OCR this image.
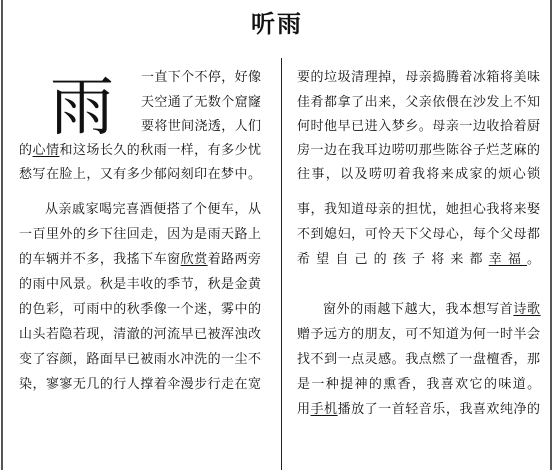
听雨
雨 一直下个不停，好像
天空通了无数个窟窿
要将世间浇透，人们
的心情和这场长久的秋雨一样，有多少忧
愁写在脸上，又有多少郁闷刻印在梦中。
从亲戚家喝完喜酒便搭了个便车，从
一百里外的乡下往回走，因为是雨天路上
的车辆并不多，我搖下车窗欣赏着路两旁
的雨中风景。秋是丰收的季节，秋是金黄
的色彩，可雨中的秋季像一个迷，雾中的
山头若隐若现，清澈的河流早已被浑浊改
变了容颜，路面早已被雨水冲洗的一尘不
染，寥寥无几的行人撑着伞漫步行走在宽
要的垃圾清理掉，母亲捣腾着冰箱将美味
佳肴都拿了出来，父亲依偎在沙发上不知
何时他早已进入梦乡。母亲一边收拾着厨
房一边在我耳边唠叨那些陈谷子烂芝麻的
往事，以及唠叨着我将来成家的烦心锁
事，我知道母亲的担忧，她担心我将来娶
不到媳妇，可怜天下父母心，每个父母都
希望自己的孩子将来都幸福。
窗外的雨越下越大，我本想写首诗歌
赠予远方的朋友，可不知道为何一时半会
找不到一点灵感。我点燃了一盘檀香，那
是一种提神的熏香，我喜欢它的味道。
用手机播放了一首轻音乐，我喜欢纯净的
